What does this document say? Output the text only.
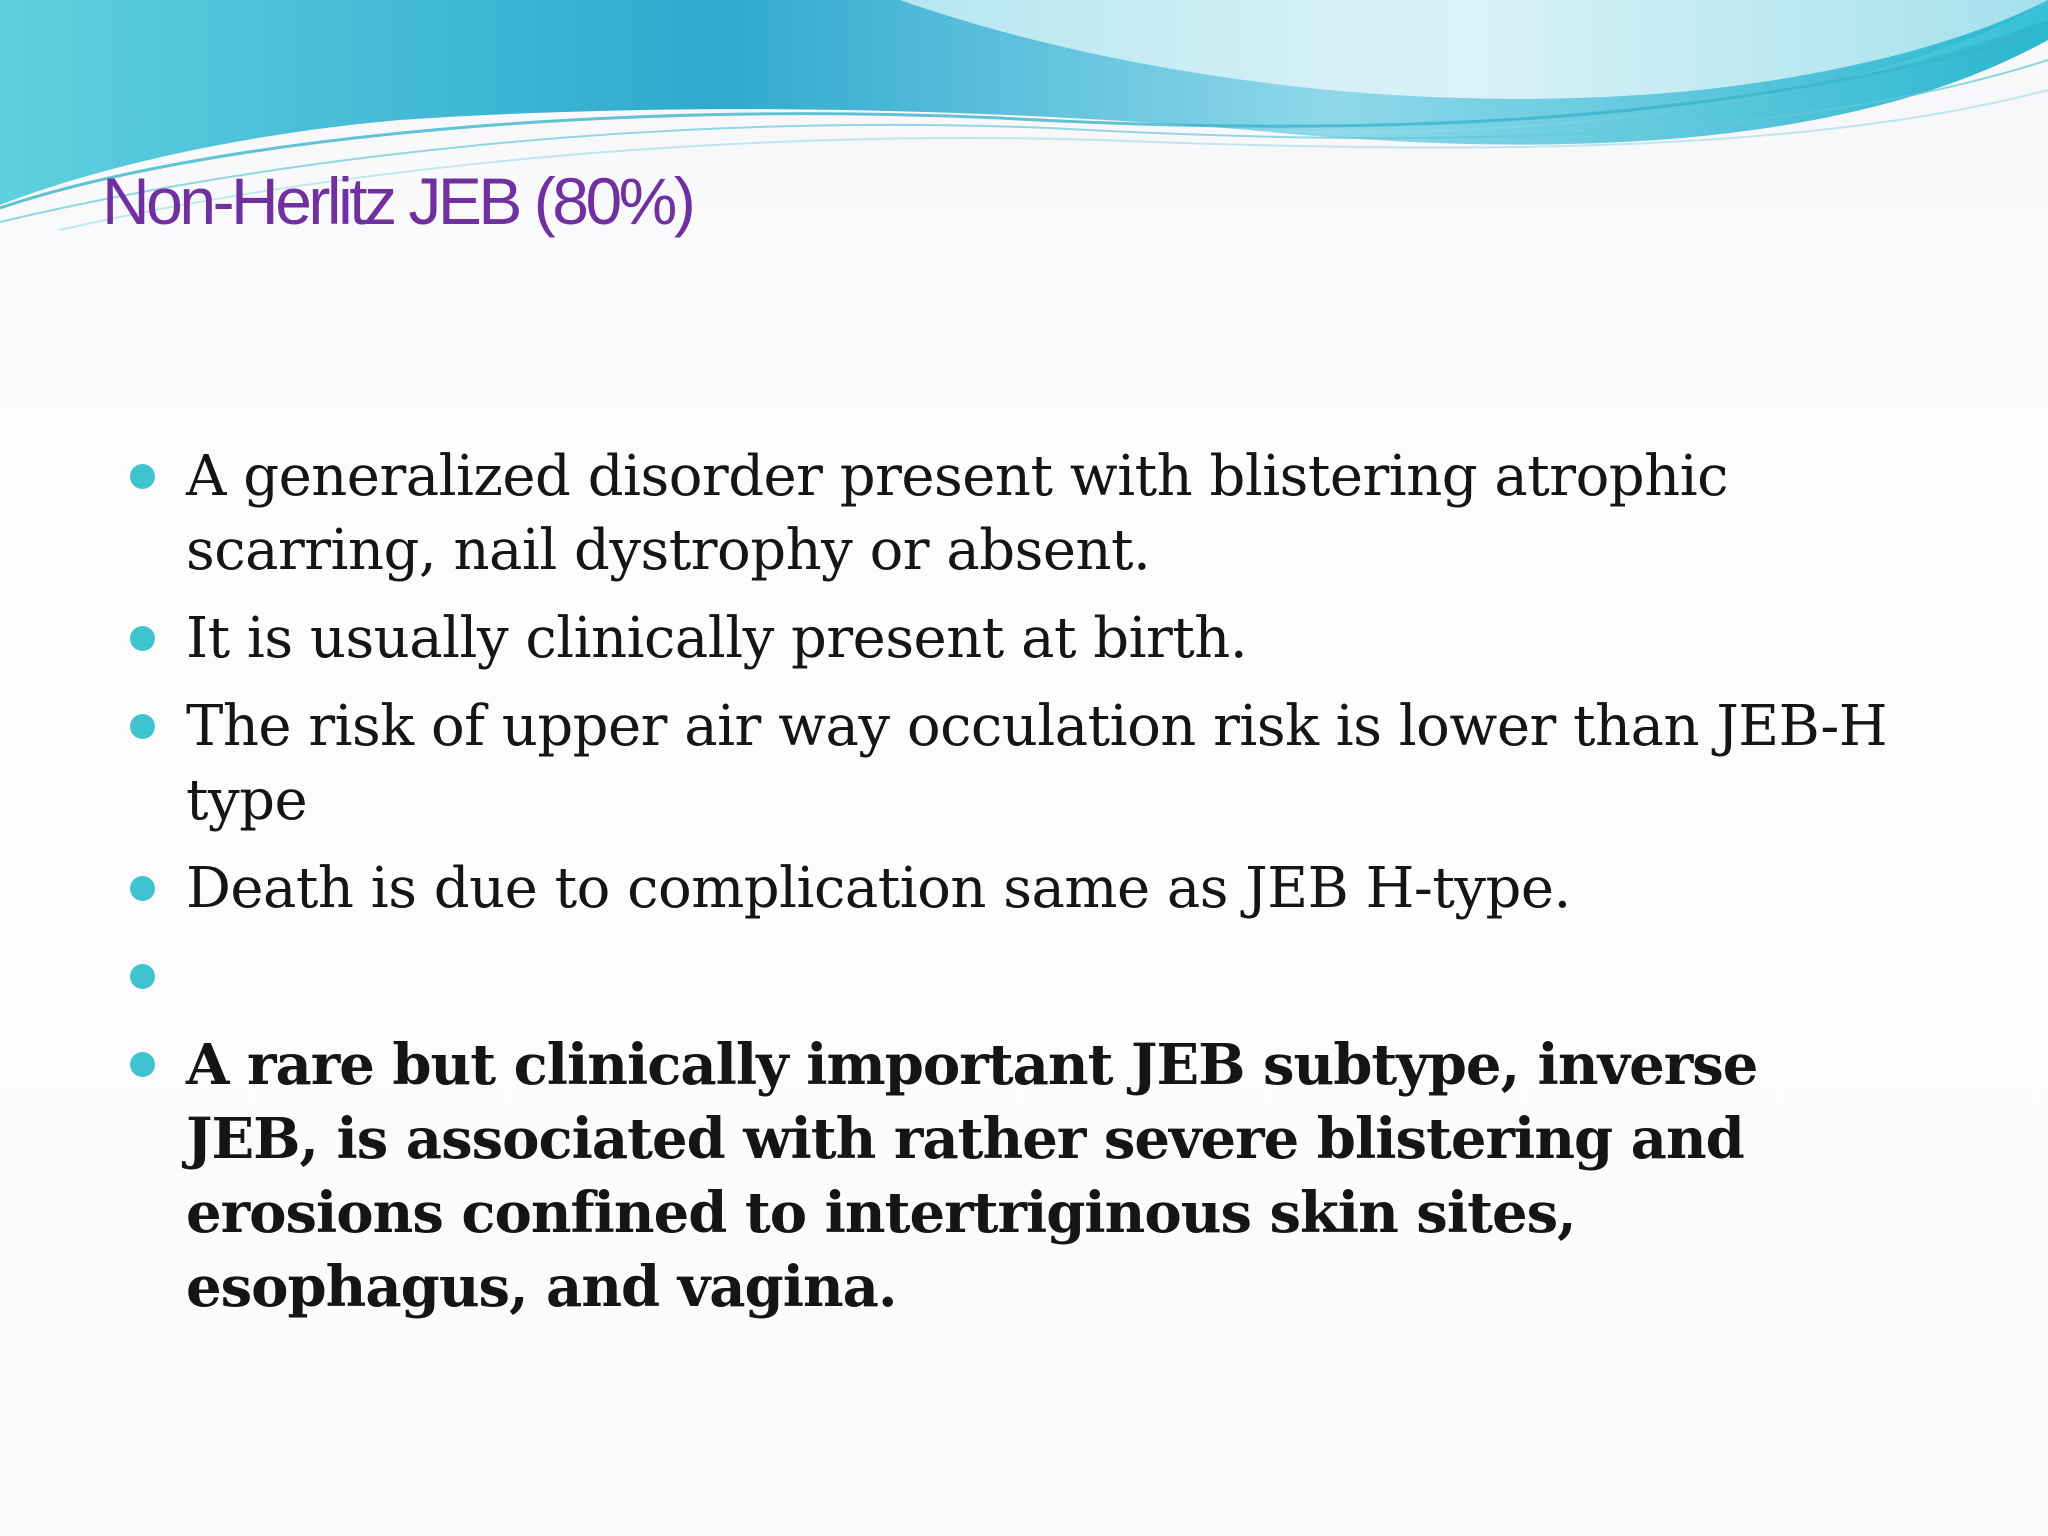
Non-Herlitz JEB (80%)
A generalized disorder present with blistering atrophic scarring, nail dystrophy or absent.
It is usually clinically present at birth.
The risk of upper air way occulation risk is lower than JEB-H type
Death is due to complication same as JEB H-type.
A rare but clinically important JEB subtype, inverse JEB, is associated with rather severe blistering and erosions confined to intertriginous skin sites, esophagus, and vagina.
